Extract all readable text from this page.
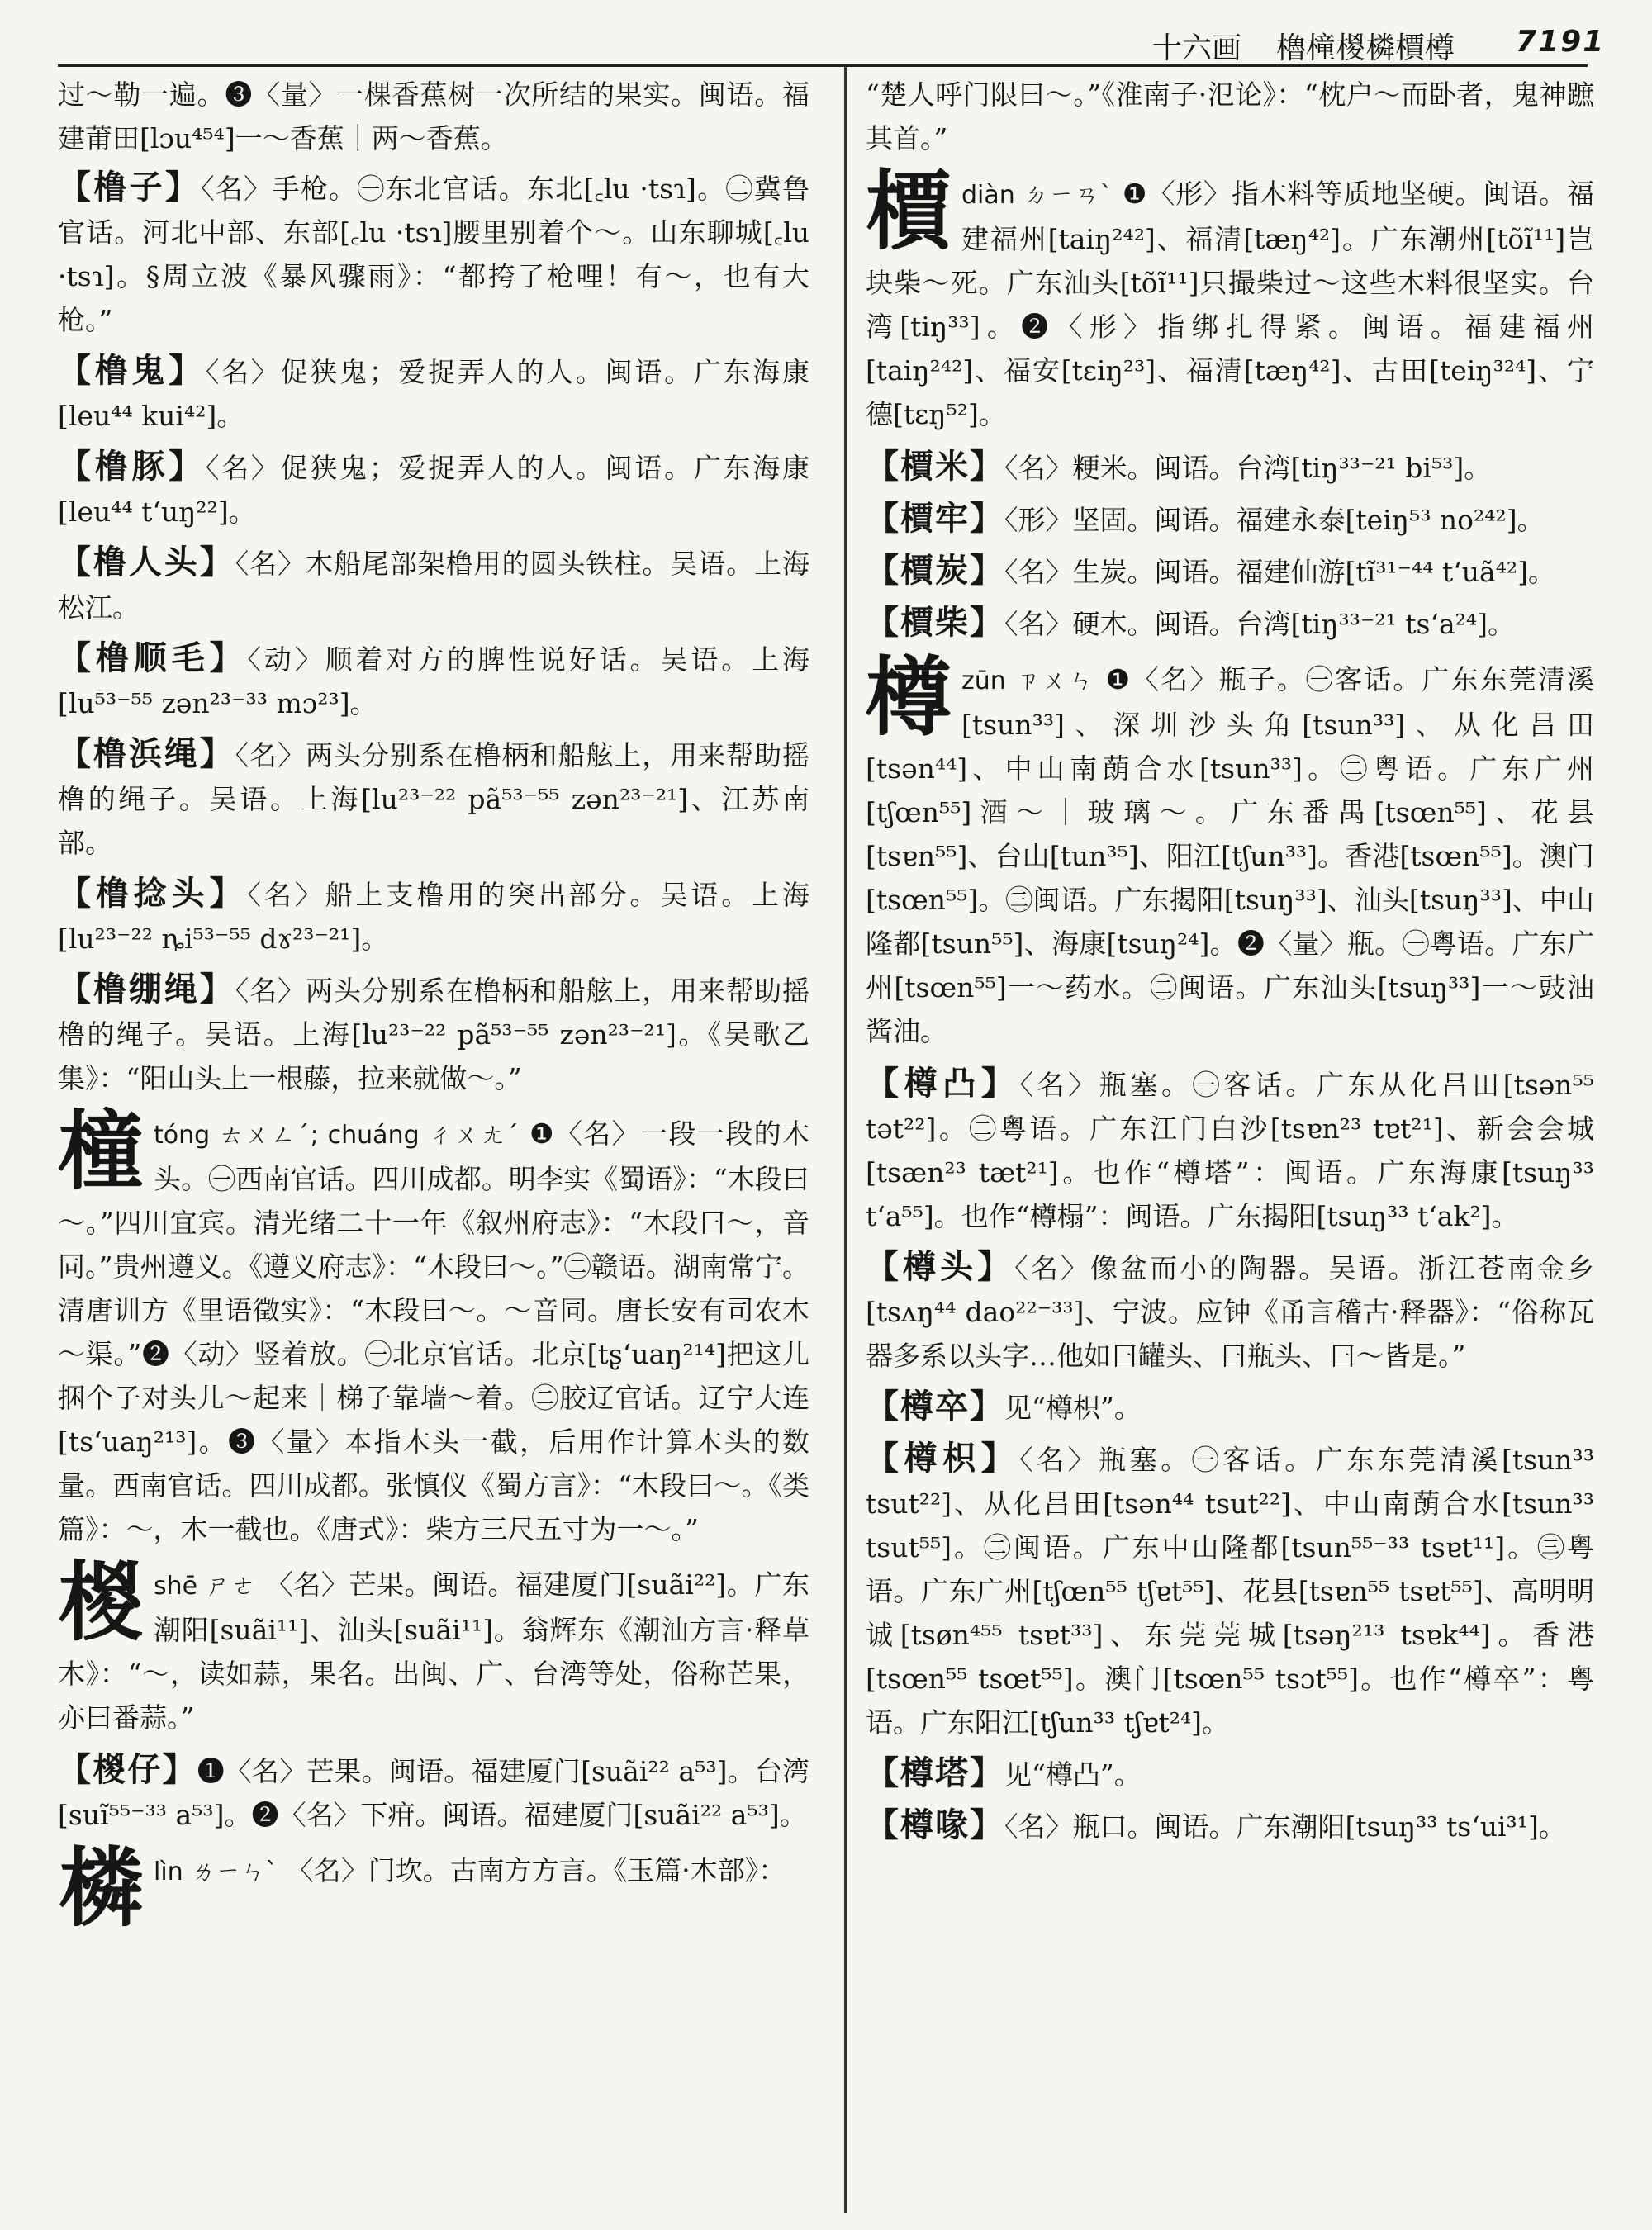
十六画 櫓橦椶橉檟樽 7191

过～勒一遍。❸〈量〉一棵香蕉树一次所结的果实。闽语。福建莆田[lɔu⁴⁵⁴]一～香蕉｜两～香蕉。

【橹子】〈名〉手枪。㊀东北官话。东北[꜀lu ·tsɿ]。㊁冀鲁官话。河北中部、东部[꜀lu ·tsɿ]腰里别着个～。山东聊城[꜀lu ·tsɿ]。§周立波《暴风骤雨》：“都挎了枪哩！有～，也有大枪。”

【橹鬼】〈名〉促狭鬼；爱捉弄人的人。闽语。广东海康[leu⁴⁴ kui⁴²]。

【橹豚】〈名〉促狭鬼；爱捉弄人的人。闽语。广东海康[leu⁴⁴ t‘uŋ²²]。

【橹人头】〈名〉木船尾部架橹用的圆头铁柱。吴语。上海松江。

【橹顺毛】〈动〉顺着对方的脾性说好话。吴语。上海[lu⁵³⁻⁵⁵ zən²³⁻³³ mɔ²³]。

【橹浜绳】〈名〉两头分别系在橹柄和船舷上，用来帮助摇橹的绳子。吴语。上海[lu²³⁻²² pã⁵³⁻⁵⁵ zən²³⁻²¹]、江苏南部。

【橹捻头】〈名〉船上支橹用的突出部分。吴语。上海[lu²³⁻²² ȵi⁵³⁻⁵⁵ dɤ²³⁻²¹]。

【橹绷绳】〈名〉两头分别系在橹柄和船舷上，用来帮助摇橹的绳子。吴语。上海[lu²³⁻²² pã⁵³⁻⁵⁵ zən²³⁻²¹]。《吴歌乙集》：“阳山头上一根藤，拉来就做～。”

橦tóng ㄊㄨㄥˊ; chuáng ㄔㄨㄤˊ ❶〈名〉一段一段的木头。㊀西南官话。四川成都。明李实《蜀语》：“木段曰～。”四川宜宾。清光绪二十一年《叙州府志》：“木段曰～，音同。”贵州遵义。《遵义府志》：“木段曰～。”㊁赣语。湖南常宁。清唐训方《里语徵实》：“木段曰～。～音同。唐长安有司农木～渠。”❷〈动〉竖着放。㊀北京官话。北京[tʂ‘uaŋ²¹⁴]把这儿捆个子对头儿～起来｜梯子靠墙～着。㊁胶辽官话。辽宁大连[ts‘uaŋ²¹³]。❸〈量〉本指木头一截，后用作计算木头的数量。西南官话。四川成都。张慎仪《蜀方言》：“木段曰～。《类篇》：～，木一截也。《唐式》：柴方三尺五寸为一～。”
椶shē ㄕㄜ 〈名〉芒果。闽语。福建厦门[suãi²²]。广东潮阳[suãi¹¹]、汕头[suãi¹¹]。翁辉东《潮汕方言·释草木》：“～，读如蒜，果名。出闽、广、台湾等处，俗称芒果，亦曰番蒜。”

【椶仔】❶〈名〉芒果。闽语。福建厦门[suãi²² a⁵³]。台湾[suĩ⁵⁵⁻³³ a⁵³]。❷〈名〉下疳。闽语。福建厦门[suãi²² a⁵³]。

橉lìn ㄌㄧㄣˋ 〈名〉门坎。古南方方言。《玉篇·木部》：

“楚人呼门限曰～。”《淮南子·氾论》：“枕户～而卧者，鬼神蹠其首。”

檟diàn ㄉㄧㄢˋ ❶〈形〉指木料等质地坚硬。闽语。福建福州[taiŋ²⁴²]、福清[tæŋ⁴²]。广东潮州[tõĩ¹¹]岂块柴～死。广东汕头[tõĩ¹¹]只撮柴过～这些木料很坚实。台湾[tiŋ³³]。❷〈形〉指绑扎得紧。闽语。福建福州[taiŋ²⁴²]、福安[tɛiŋ²³]、福清[tæŋ⁴²]、古田[teiŋ³²⁴]、宁德[tɛŋ⁵²]。

【檟米】〈名〉粳米。闽语。台湾[tiŋ³³⁻²¹ bi⁵³]。

【檟牢】〈形〉坚固。闽语。福建永泰[teiŋ⁵³ no²⁴²]。

【檟炭】〈名〉生炭。闽语。福建仙游[tĩ³¹⁻⁴⁴ t‘uã⁴²]。

【檟柴】〈名〉硬木。闽语。台湾[tiŋ³³⁻²¹ ts‘a²⁴]。

樽zūn ㄗㄨㄣ ❶〈名〉瓶子。㊀客话。广东东莞清溪[tsun³³]、深圳沙头角[tsun³³]、从化吕田[tsən⁴⁴]、中山南蓢合水[tsun³³]。㊁粤语。广东广州[tʃœn⁵⁵]酒～｜玻璃～。广东番禺[tsœn⁵⁵]、花县[tsɐn⁵⁵]、台山[tun³⁵]、阳江[tʃun³³]。香港[tsœn⁵⁵]。澳门[tsœn⁵⁵]。㊂闽语。广东揭阳[tsuŋ³³]、汕头[tsuŋ³³]、中山隆都[tsun⁵⁵]、海康[tsuŋ²⁴]。❷〈量〉瓶。㊀粤语。广东广州[tsœn⁵⁵]一～药水。㊁闽语。广东汕头[tsuŋ³³]一～豉油酱油。

【樽凸】〈名〉瓶塞。㊀客话。广东从化吕田[tsən⁵⁵ tət²²]。㊁粤语。广东江门白沙[tsɐn²³ tɐt²¹]、新会会城[tsæn²³ tæt²¹]。也作“樽塔”：闽语。广东海康[tsuŋ³³ t‘a⁵⁵]。也作“樽榻”：闽语。广东揭阳[tsuŋ³³ t‘ak²]。

【樽头】〈名〉像盆而小的陶器。吴语。浙江苍南金乡[tsʌŋ⁴⁴ dao²²⁻³³]、宁波。应钟《甬言稽古·释器》：“俗称瓦器多系以头字…他如曰罐头、曰瓶头、曰～皆是。”

【樽卒】见“樽枳”。

【樽枳】〈名〉瓶塞。㊀客话。广东东莞清溪[tsun³³ tsut²²]、从化吕田[tsən⁴⁴ tsut²²]、中山南蓢合水[tsun³³ tsut⁵⁵]。㊁闽语。广东中山隆都[tsun⁵⁵⁻³³ tsɐt¹¹]。㊂粤语。广东广州[tʃœn⁵⁵ tʃɐt⁵⁵]、花县[tsɐn⁵⁵ tsɐt⁵⁵]、高明明诚[tsøn⁴⁵⁵ tsɐt³³]、东莞莞城[tsəŋ²¹³ tsɐk⁴⁴]。香港[tsœn⁵⁵ tsœt⁵⁵]。澳门[tsœn⁵⁵ tsɔt⁵⁵]。也作“樽卒”：粤语。广东阳江[tʃun³³ tʃɐt²⁴]。

【樽塔】见“樽凸”。

【樽喙】〈名〉瓶口。闽语。广东潮阳[tsuŋ³³ ts‘ui³¹]。
